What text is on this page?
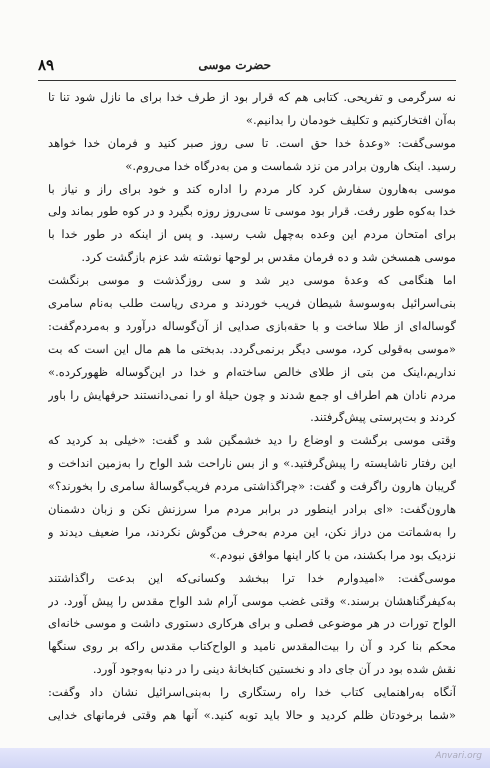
حضرت موسی
۸۹
نه سرگرمی و تفریحی. کتابی هم که قرار بود از طرف خدا برای ما نازل شود تنا تا
به‌آن افتخارکنیم و تکلیف خودمان را بدانیم.»
موسی‌گفت: «وعدهٔ خدا حق است. تا سی روز صبر کنید و فرمان خدا خواهد
رسید. اینک هارون برادر من نزد شماست و من به‌درگاه خدا می‌روم.»
موسی به‌هارون سفارش کرد کار مردم را اداره کند و خود برای راز و نیاز با
خدا به‌کوه طور رفت. قرار بود موسی تا سی‌روز روزه بگیرد و در کوه طور بماند ولی
برای امتحان مردم این وعده به‌چهل شب رسید. و پس از اینکه در طور خدا با
موسی همسخن شد و ده فرمان مقدس بر لوحها نوشته شد عزم بازگشت کرد.
اما هنگامی که وعدهٔ موسی دیر شد و سی روزگذشت و موسی برنگشت
بنی‌اسرائیل به‌وسوسهٔ شیطان فریب خوردند و مردی ریاست طلب به‌نام سامری
گوساله‌ای از طلا ساخت و با حقه‌بازی صدایی از آن‌گوساله درآورد و به‌مردم‌گفت:
«موسی به‌قولی کرد، موسی دیگر برنمی‌گردد. بدبختی ما هم مال این است که بت
نداریم،اینک من بتی از طلای خالص ساخته‌ام و خدا در این‌گوساله ظهورکرده.»
مردم نادان هم اطراف او جمع شدند و چون حیلهٔ او را نمی‌دانستند حرفهایش را باور
کردند و بت‌پرستی پیش‌گرفتند.
وقتی موسی برگشت و اوضاع را دید خشمگین شد و گفت: «خیلی بد کردید که
این رفتار ناشایسته را پیش‌گرفتید.» و از بس ناراحت شد الواح را به‌زمین انداخت و
گریبان هارون راگرفت و گفت: «چراگذاشتی مردم فریب‌گوسالهٔ سامری را بخورند؟»
هارون‌گفت: «ای برادر اینطور در برابر مردم مرا سرزنش نکن و زبان دشمنان
را به‌شماتت من دراز نکن، این مردم به‌حرف من‌گوش نکردند، مرا ضعیف دیدند و
نزدیک بود مرا بکشند، من با کار اینها موافق نبودم.»
موسی‌گفت: «امیدوارم خدا ترا ببخشد وکسانی‌که این بدعت راگذاشتند
به‌کیفرگناهشان برسند.» وقتی غضب موسی آرام شد الواح مقدس را پیش آورد. در
الواح تورات در هر موضوعی فصلی و برای هرکاری دستوری داشت و موسی خانه‌ای
محکم بنا کرد و آن را بیت‌المقدس نامید و الواح‌کتاب مقدس راکه بر روی سنگها
نقش شده بود در آن جای داد و نخستین کتابخانهٔ دینی را در دنیا به‌وجود آورد.
آنگاه به‌راهنمایی کتاب خدا راه رستگاری را به‌بنی‌اسرائیل نشان داد وگفت:
«شما برخودتان ظلم کردید و حالا باید توبه کنید.» آنها هم وقتی فرمانهای خدایی
Anvari.org
